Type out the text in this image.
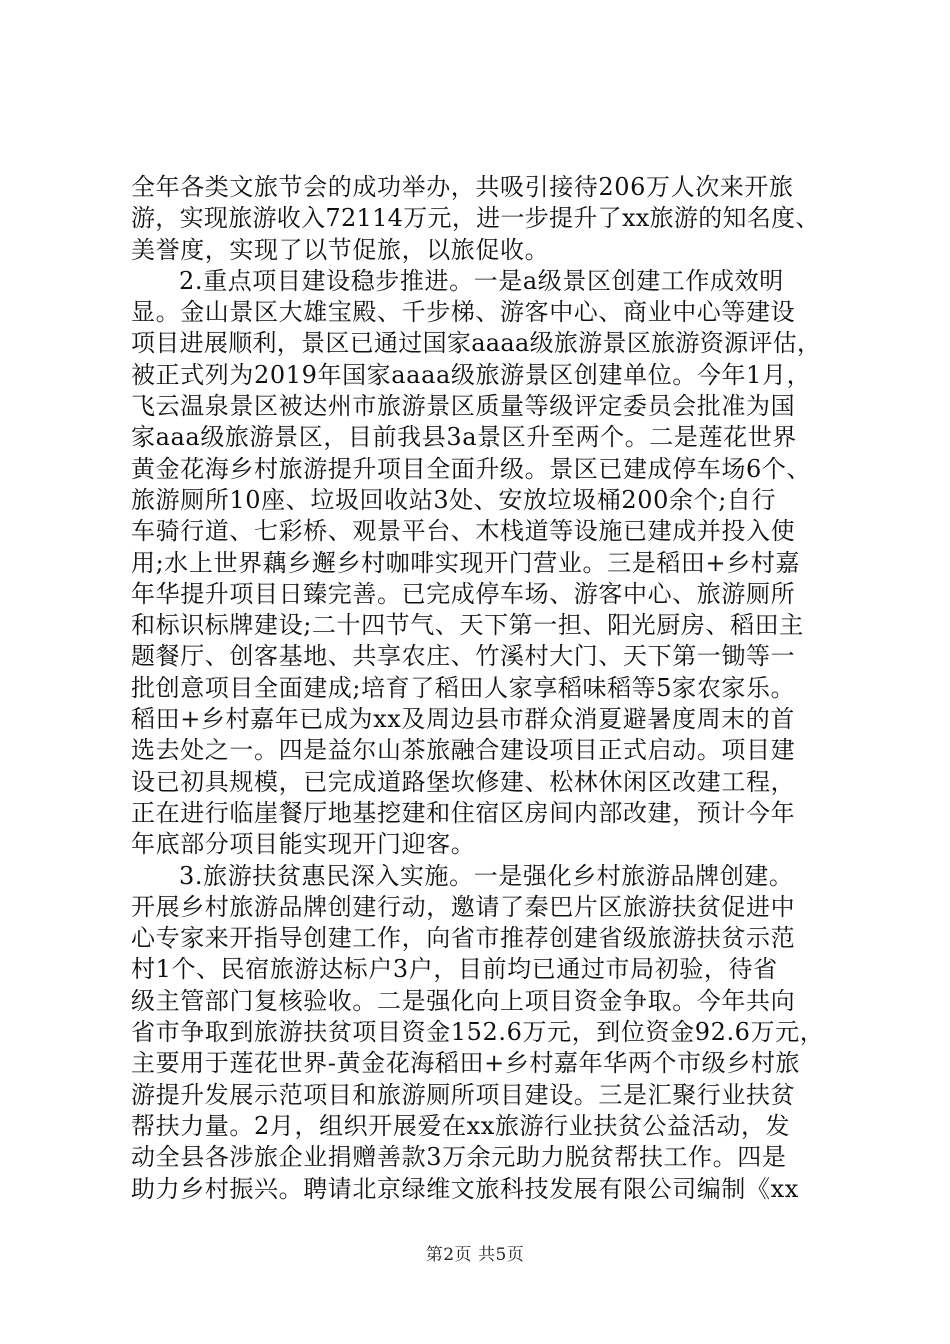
全年各类文旅节会的成功举办，共吸引接待206万人次来开旅
游，实现旅游收入72114万元，进一步提升了xx旅游的知名度、
美誉度，实现了以节促旅，以旅促收。
2.重点项目建设稳步推进。一是a级景区创建工作成效明
显。金山景区大雄宝殿、千步梯、游客中心、商业中心等建设
项目进展顺利，景区已通过国家aaaa级旅游景区旅游资源评估，
被正式列为2019年国家aaaa级旅游景区创建单位。今年1月，
飞云温泉景区被达州市旅游景区质量等级评定委员会批准为国
家aaa级旅游景区，目前我县3a景区升至两个。二是莲花世界
黄金花海乡村旅游提升项目全面升级。景区已建成停车场6个、
旅游厕所10座、垃圾回收站3处、安放垃圾桶200余个;自行
车骑行道、七彩桥、观景平台、木栈道等设施已建成并投入使
用;水上世界藕乡邂乡村咖啡实现开门营业。三是稻田+乡村嘉
年华提升项目日臻完善。已完成停车场、游客中心、旅游厕所
和标识标牌建设;二十四节气、天下第一担、阳光厨房、稻田主
题餐厅、创客基地、共享农庄、竹溪村大门、天下第一锄等一
批创意项目全面建成;培育了稻田人家享稻味稻等5家农家乐。
稻田+乡村嘉年已成为xx及周边县市群众消夏避暑度周末的首
选去处之一。四是益尔山茶旅融合建设项目正式启动。项目建
设已初具规模，已完成道路堡坎修建、松林休闲区改建工程，
正在进行临崖餐厅地基挖建和住宿区房间内部改建，预计今年
年底部分项目能实现开门迎客。
3.旅游扶贫惠民深入实施。一是强化乡村旅游品牌创建。
开展乡村旅游品牌创建行动，邀请了秦巴片区旅游扶贫促进中
心专家来开指导创建工作，向省市推荐创建省级旅游扶贫示范
村1个、民宿旅游达标户3户，目前均已通过市局初验，待省
级主管部门复核验收。二是强化向上项目资金争取。今年共向
省市争取到旅游扶贫项目资金152.6万元，到位资金92.6万元，
主要用于莲花世界-黄金花海稻田+乡村嘉年华两个市级乡村旅
游提升发展示范项目和旅游厕所项目建设。三是汇聚行业扶贫
帮扶力量。2月，组织开展爱在xx旅游行业扶贫公益活动，发
动全县各涉旅企业捐赠善款3万余元助力脱贫帮扶工作。四是
助力乡村振兴。聘请北京绿维文旅科技发展有限公司编制《xx
第2页 共5页
